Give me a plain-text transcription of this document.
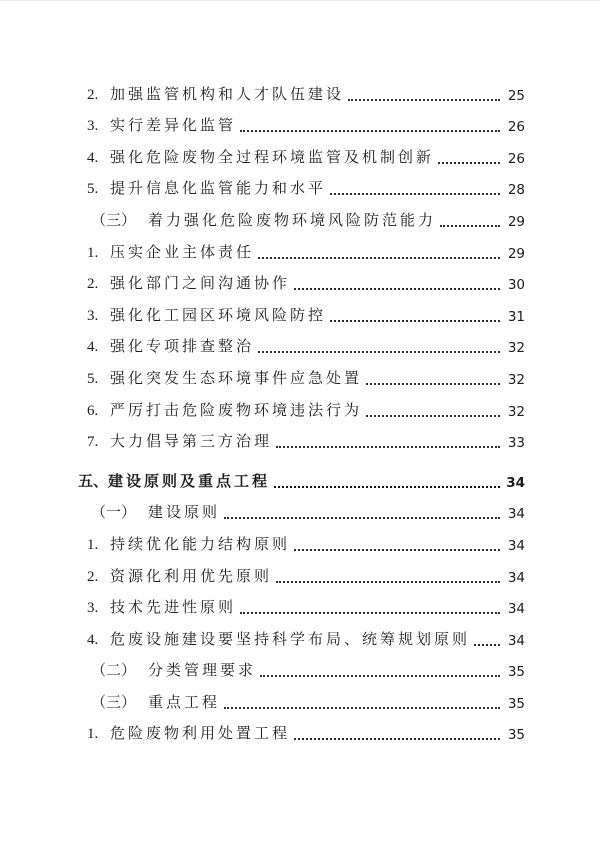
2. 加强监管机构和人才队伍建设	25
3. 实行差异化监管	26
4. 强化危险废物全过程环境监管及机制创新	26
5. 提升信息化监管能力和水平	28
（三） 着力强化危险废物环境风险防范能力	29
1. 压实企业主体责任	29
2. 强化部门之间沟通协作	30
3. 强化化工园区环境风险防控	31
4. 强化专项排查整治	32
5. 强化突发生态环境事件应急处置	32
6. 严厉打击危险废物环境违法行为	32
7. 大力倡导第三方治理	33
五、 建设原则及重点工程	34
（一） 建设原则	34
1. 持续优化能力结构原则	34
2. 资源化利用优先原则	34
3. 技术先进性原则	34
4. 危废设施建设要坚持科学布局、统筹规划原则	34
（二） 分类管理要求	35
（三） 重点工程	35
1. 危险废物利用处置工程	35
